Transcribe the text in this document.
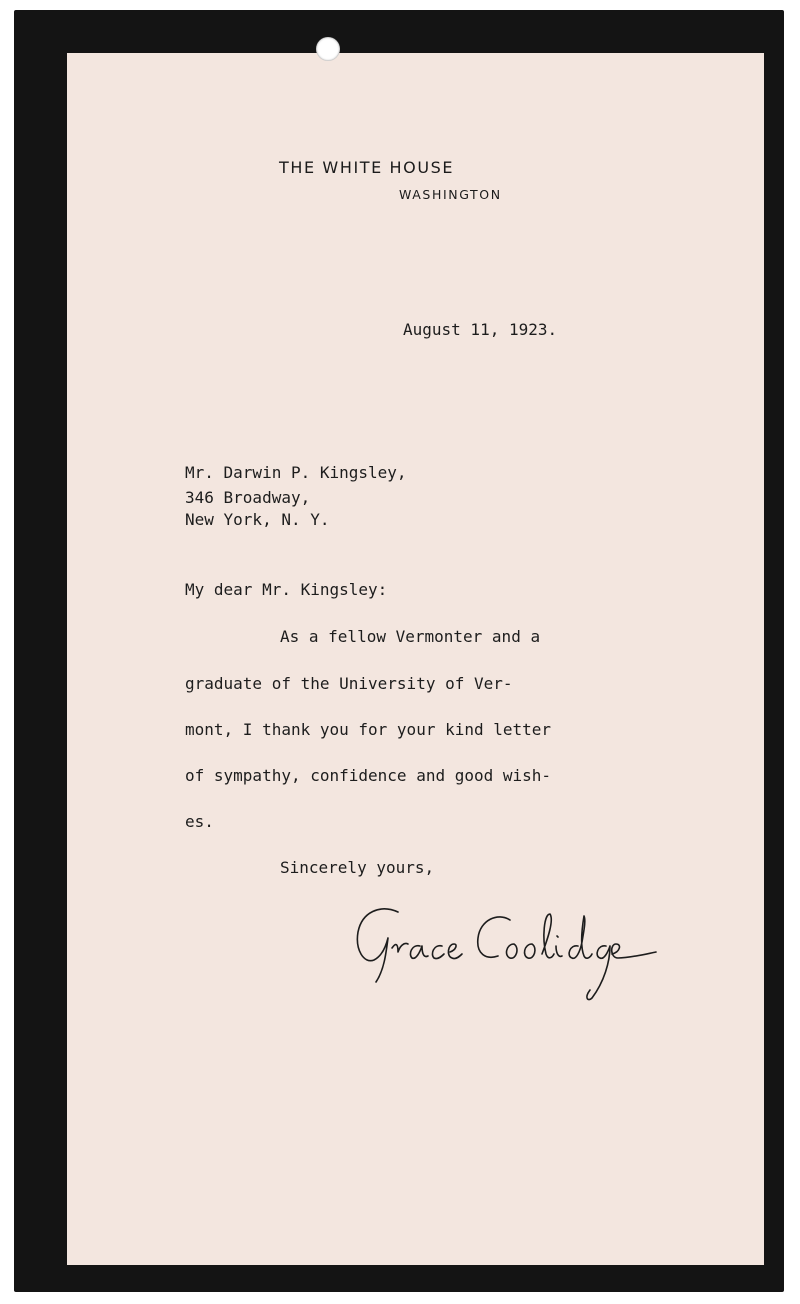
THE WHITE HOUSE
WASHINGTON
August 11, 1923.
Mr. Darwin P. Kingsley,
346 Broadway,
New York, N. Y.
My dear Mr. Kingsley:
As a fellow Vermonter and a
graduate of the University of Ver-
mont, I thank you for your kind letter
of sympathy, confidence and good wish-
es.
Sincerely yours,
